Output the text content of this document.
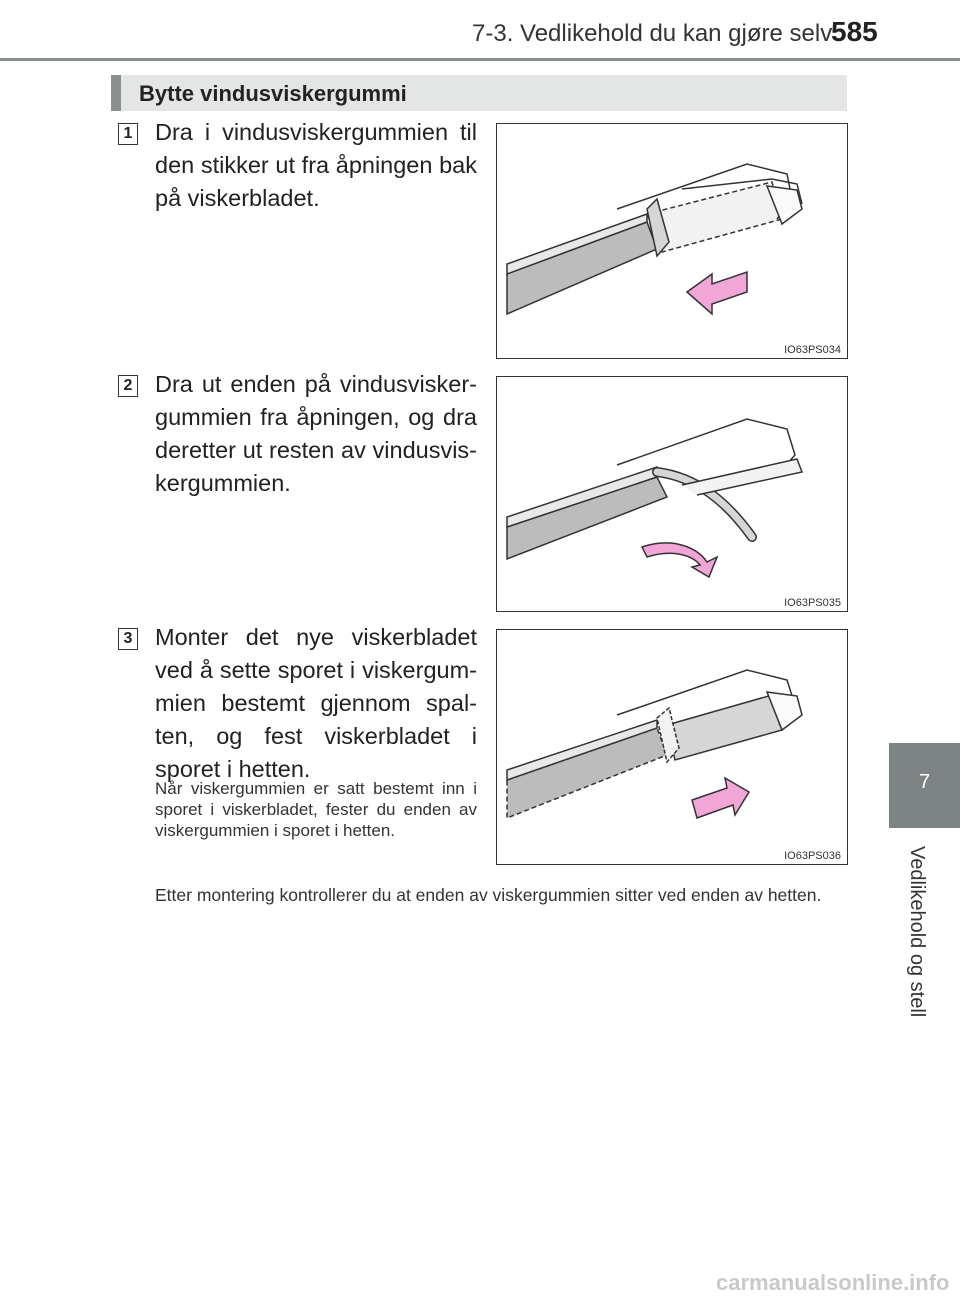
7-3. Vedlikehold du kan gjøre selv
585
7
Vedlikehold og stell
Bytte vindusviskergummi
1 Dra i vindusviskergummien til den stikker ut fra åpningen bak på viskerbladet.
IO63PS034
2 Dra ut enden på vindusvisker-gummien fra åpningen, og dra deretter ut resten av vindusvis-kergummien.
IO63PS035
3 Monter det nye viskerbladet ved å sette sporet i viskergum-mien bestemt gjennom spal-ten, og fest viskerbladet i sporet i hetten.
Når viskergummien er satt bestemt inn i sporet i viskerbladet, fester du enden av viskergummien i sporet i hetten.
IO63PS036
Etter montering kontrollerer du at enden av viskergummien sitter ved enden av hetten.
carmanualsonline.info
